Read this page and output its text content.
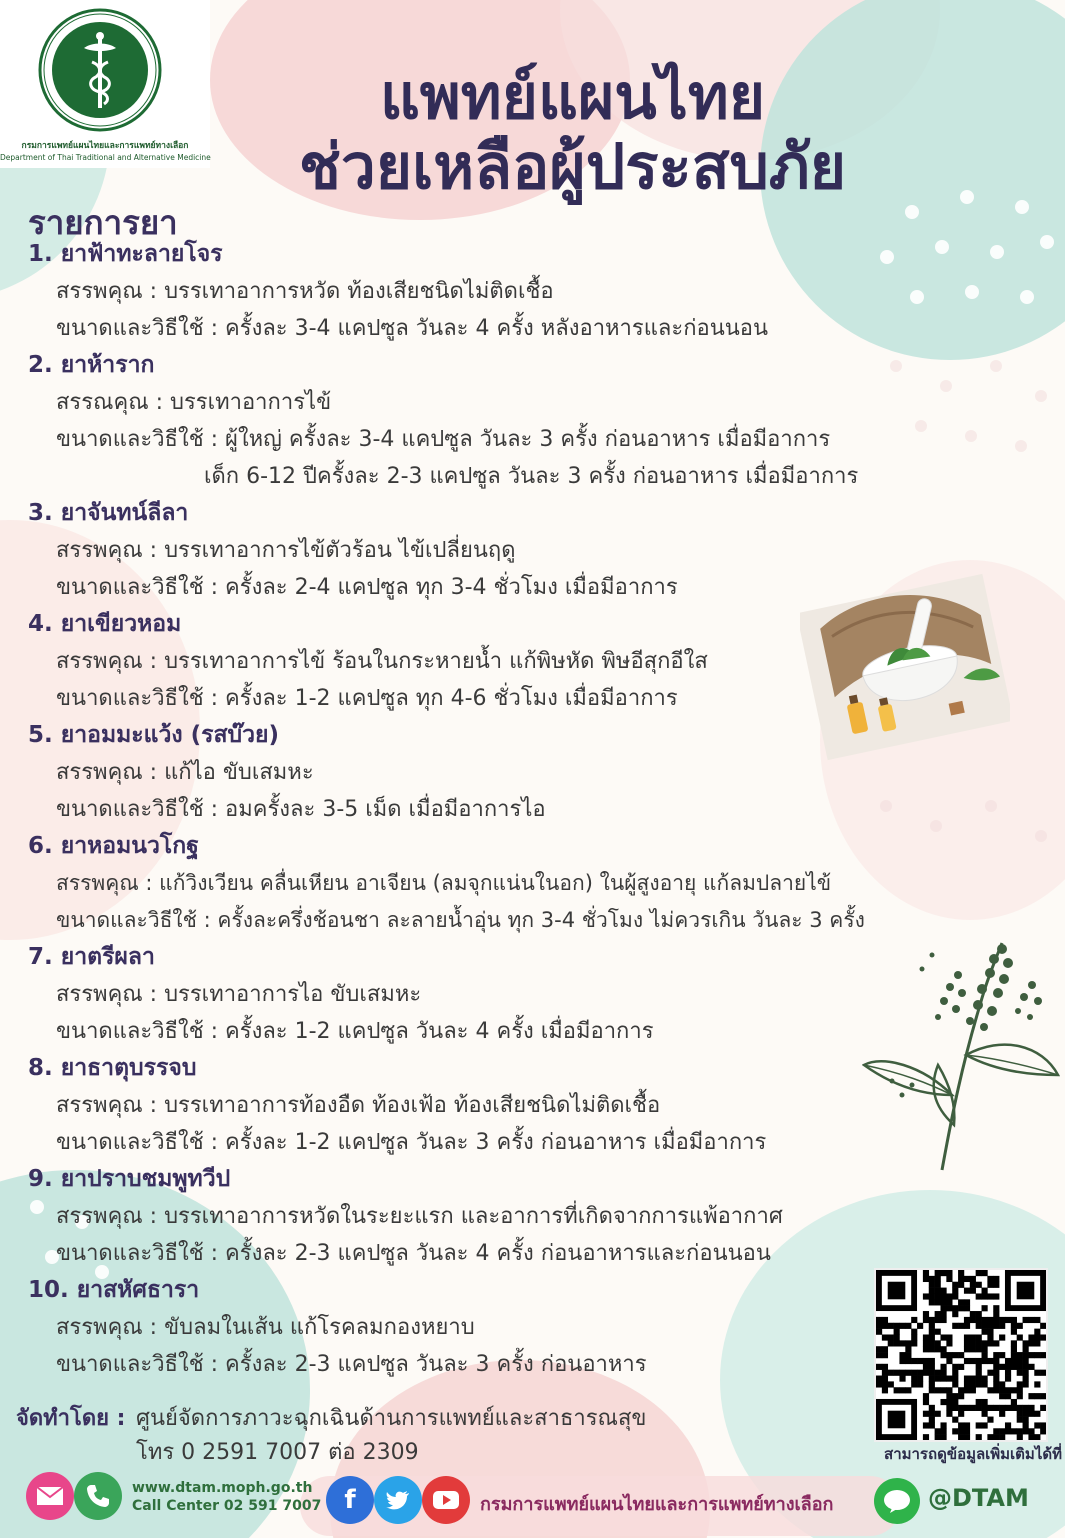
กรมการแพทย์แผนไทยและการแพทย์ทางเลือก
Department of Thai Traditional and Alternative Medicine
แพทย์แผนไทย
ช่วยเหลือผู้ประสบภัย
รายการยา
1. ยาฟ้าทะลายโจร
สรรพคุณ : บรรเทาอาการหวัด ท้องเสียชนิดไม่ติดเชื้อ
ขนาดและวิธีใช้ : ครั้งละ 3-4 แคปซูล วันละ 4 ครั้ง หลังอาหารและก่อนนอน
2. ยาห้าราก
สรรณคุณ : บรรเทาอาการไข้
ขนาดและวิธีใช้ : ผู้ใหญ่ ครั้งละ 3-4 แคปซูล วันละ 3 ครั้ง ก่อนอาหาร เมื่อมีอาการ
เด็ก 6-12 ปีครั้งละ 2-3 แคปซูล วันละ 3 ครั้ง ก่อนอาหาร เมื่อมีอาการ
3. ยาจันทน์ลีลา
สรรพคุณ : บรรเทาอาการไข้ตัวร้อน ไข้เปลี่ยนฤดู
ขนาดและวิธีใช้ : ครั้งละ 2-4 แคปซูล ทุก 3-4 ชั่วโมง เมื่อมีอาการ
4. ยาเขียวหอม
สรรพคุณ : บรรเทาอาการไข้ ร้อนในกระหายน้ำ แก้พิษหัด พิษอีสุกอีใส
ขนาดและวิธีใช้ : ครั้งละ 1-2 แคปซูล ทุก 4-6 ชั่วโมง เมื่อมีอาการ
5. ยาอมมะแว้ง (รสบ๊วย)
สรรพคุณ : แก้ไอ ขับเสมหะ
ขนาดและวิธีใช้ : อมครั้งละ 3-5 เม็ด เมื่อมีอาการไอ
6. ยาหอมนวโกฐ
สรรพคุณ : แก้วิงเวียน คลื่นเหียน อาเจียน (ลมจุกแน่นในอก) ในผู้สูงอายุ แก้ลมปลายไข้
ขนาดและวิธีใช้ : ครั้งละครึ่งช้อนชา ละลายน้ำอุ่น ทุก 3-4 ชั่วโมง ไม่ควรเกิน วันละ 3 ครั้ง
7. ยาตรีผลา
สรรพคุณ : บรรเทาอาการไอ ขับเสมหะ
ขนาดและวิธีใช้ : ครั้งละ 1-2 แคปซูล วันละ 4 ครั้ง เมื่อมีอาการ
8. ยาธาตุบรรจบ
สรรพคุณ : บรรเทาอาการท้องอืด ท้องเฟ้อ ท้องเสียชนิดไม่ติดเชื้อ
ขนาดและวิธีใช้ : ครั้งละ 1-2 แคปซูล วันละ 3 ครั้ง ก่อนอาหาร เมื่อมีอาการ
9. ยาปราบชมพูทวีป
สรรพคุณ : บรรเทาอาการหวัดในระยะแรก และอาการที่เกิดจากการแพ้อากาศ
ขนาดและวิธีใช้ : ครั้งละ 2-3 แคปซูล วันละ 4 ครั้ง ก่อนอาหารและก่อนนอน
10. ยาสหัศธารา
สรรพคุณ : ขับลมในเส้น แก้โรคลมกองหยาบ
ขนาดและวิธีใช้ : ครั้งละ 2-3 แคปซูล วันละ 3 ครั้ง ก่อนอาหาร
จัดทำโดย : ศูนย์จัดการภาวะฉุกเฉินด้านการแพทย์และสาธารณสุข
โทร 0 2591 7007 ต่อ 2309	สามารถดูข้อมูลเพิ่มเติมได้ที่
www.dtam.moph.go.th
Call Center 02 591 7007 f	กรมการแพทย์แผนไทยและการแพทย์ทางเลือก	@DTAM
